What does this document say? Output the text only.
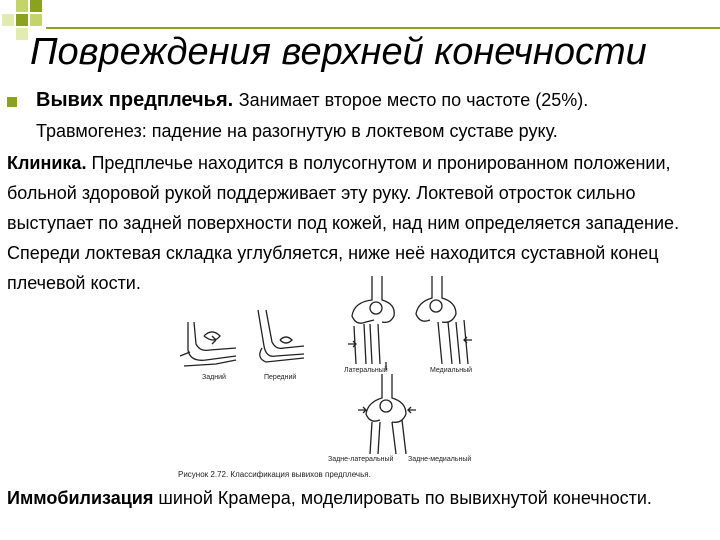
Повреждения верхней конечности
Вывих предплечья. Занимает второе место по частоте (25%).
Травмогенез: падение на разогнутую в локтевом суставе руку.
Клиника. Предплечье находится в полусогнутом и пронированном положении, больной здоровой рукой поддерживает эту руку. Локтевой отросток сильно выступает по задней поверхности под кожей, над ним определяется западение. Спереди локтевая складка углубляется, ниже неё находится суставной конец плечевой кости.
Задний	Передний
Латеральный	Медиальный
Задне-латеральный Задне-медиальный
Рисунок 2.72. Классификация вывихов предплечья.
Иммобилизация шиной Крамера, моделировать по вывихнутой конечности.
